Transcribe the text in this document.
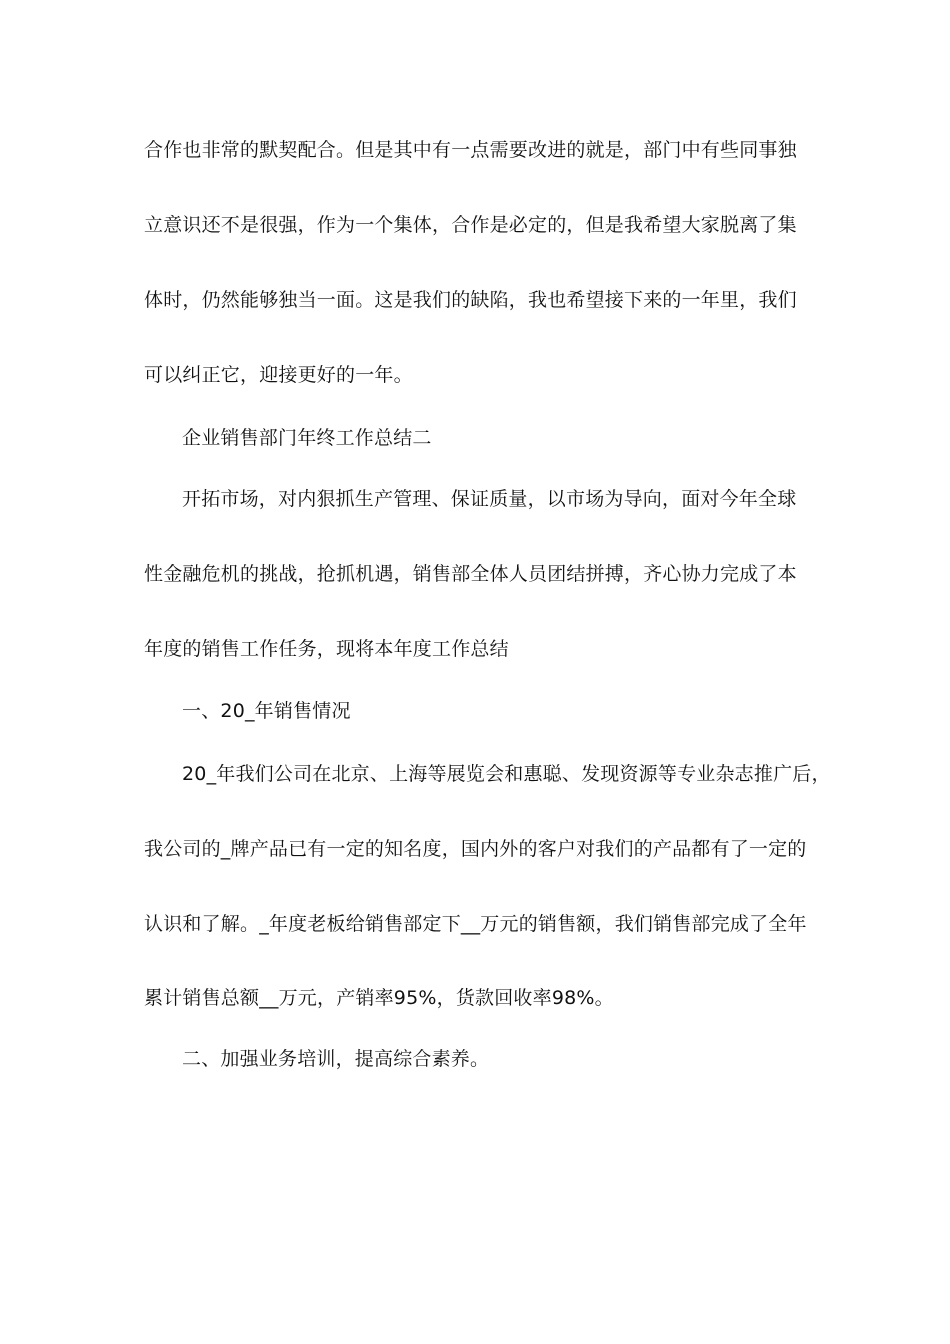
合作也非常的默契配合。但是其中有一点需要改进的就是，部门中有些同事独
立意识还不是很强，作为一个集体，合作是必定的，但是我希望大家脱离了集
体时，仍然能够独当一面。这是我们的缺陷，我也希望接下来的一年里，我们
可以纠正它，迎接更好的一年。
企业销售部门年终工作总结二
开拓市场，对内狠抓生产管理、保证质量，以市场为导向，面对今年全球
性金融危机的挑战，抢抓机遇，销售部全体人员团结拼搏，齐心协力完成了本
年度的销售工作任务，现将本年度工作总结
一、20_年销售情况
20_年我们公司在北京、上海等展览会和惠聪、发现资源等专业杂志推广后，
我公司的_牌产品已有一定的知名度，国内外的客户对我们的产品都有了一定的
认识和了解。_年度老板给销售部定下__万元的销售额，我们销售部完成了全年
累计销售总额__万元，产销率95%，货款回收率98%。
二、加强业务培训，提高综合素养。
